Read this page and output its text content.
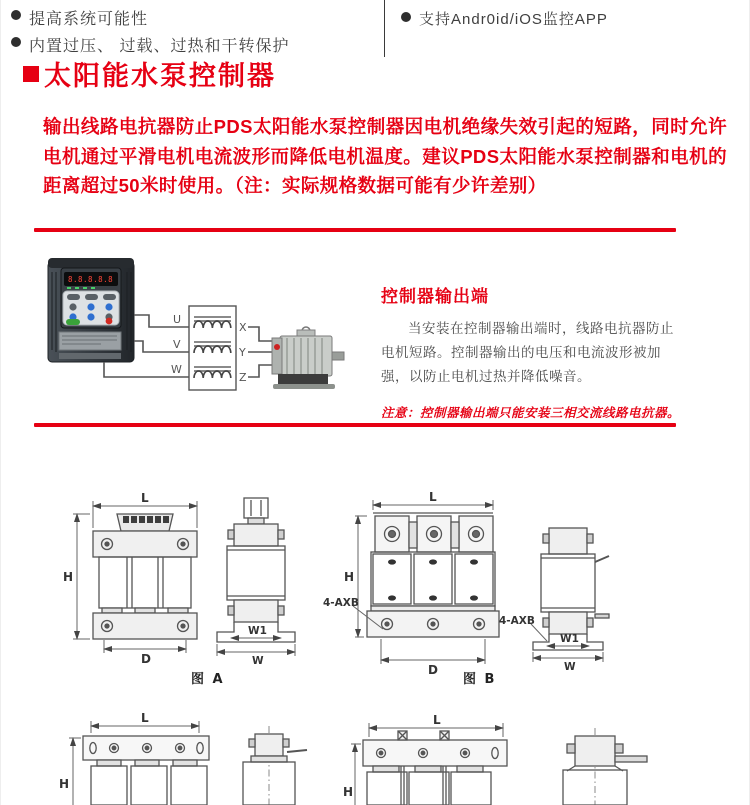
提高系统可能性
内置过压、 过载、过热和干转保护
支持Andr0id/iOS监控APP
太阳能水泵控制器
输出线路电抗器防止PDS太阳能水泵控制器因电机绝缘失效引起的短路，同时允许电机通过平滑电机电流波形而降低电机温度。建议PDS太阳能水泵控制器和电机的距离超过50米时使用。（注：实际规格数据可能有少许差别）
8.8.8.8.8
U
V
W
X
Y
Z
控制器输出端
当安装在控制器输出端时，线路电抗器防止电机短路。控制器输出的电压和电流波形被加强，以防止电机过热并降低噪音。
注意：控制器输出端只能安装三相交流线路电抗器。
L
H
D
W1
W
图 A
L
H
4-AXB
D
4-AXB
W1
W
图 B
L
H
L
H
